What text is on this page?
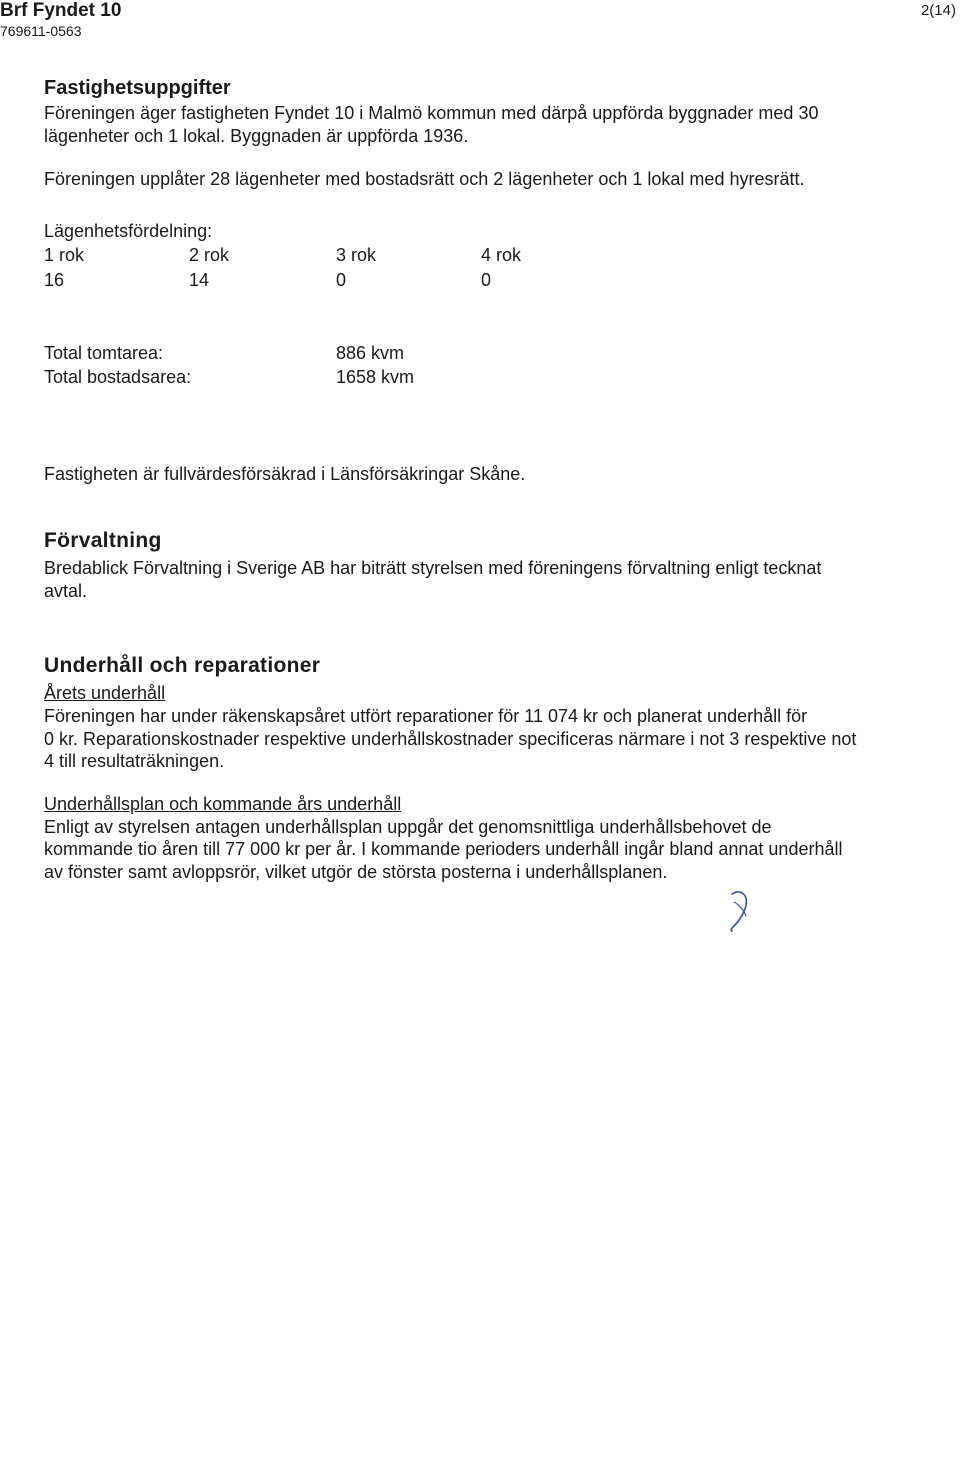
Brf Fyndet 10
769611-0563
2(14)
Fastighetsuppgifter
Föreningen äger fastigheten Fyndet 10 i Malmö kommun med därpå uppförda byggnader med 30
lägenheter och 1 lokal. Byggnaden är uppförda 1936.
Föreningen upplåter 28 lägenheter med bostadsrätt och 2 lägenheter och 1 lokal med hyresrätt.
Lägenhetsfördelning:
1 rok	2 rok	3 rok	4 rok
16	14	0	0
Total tomtarea:	886 kvm
Total bostadsarea:	1658 kvm
Fastigheten är fullvärdesförsäkrad i Länsförsäkringar Skåne.
Förvaltning
Bredablick Förvaltning i Sverige AB har biträtt styrelsen med föreningens förvaltning enligt tecknat
avtal.
Underhåll och reparationer
Årets underhåll
Föreningen har under räkenskapsåret utfört reparationer för 11 074 kr och planerat underhåll för
0 kr. Reparationskostnader respektive underhållskostnader specificeras närmare i not 3 respektive not
4 till resultaträkningen.
Underhållsplan och kommande års underhåll
Enligt av styrelsen antagen underhållsplan uppgår det genomsnittliga underhållsbehovet de
kommande tio åren till 77 000 kr per år. I kommande perioders underhåll ingår bland annat underhåll
av fönster samt avloppsrör, vilket utgör de största posterna i underhållsplanen.
